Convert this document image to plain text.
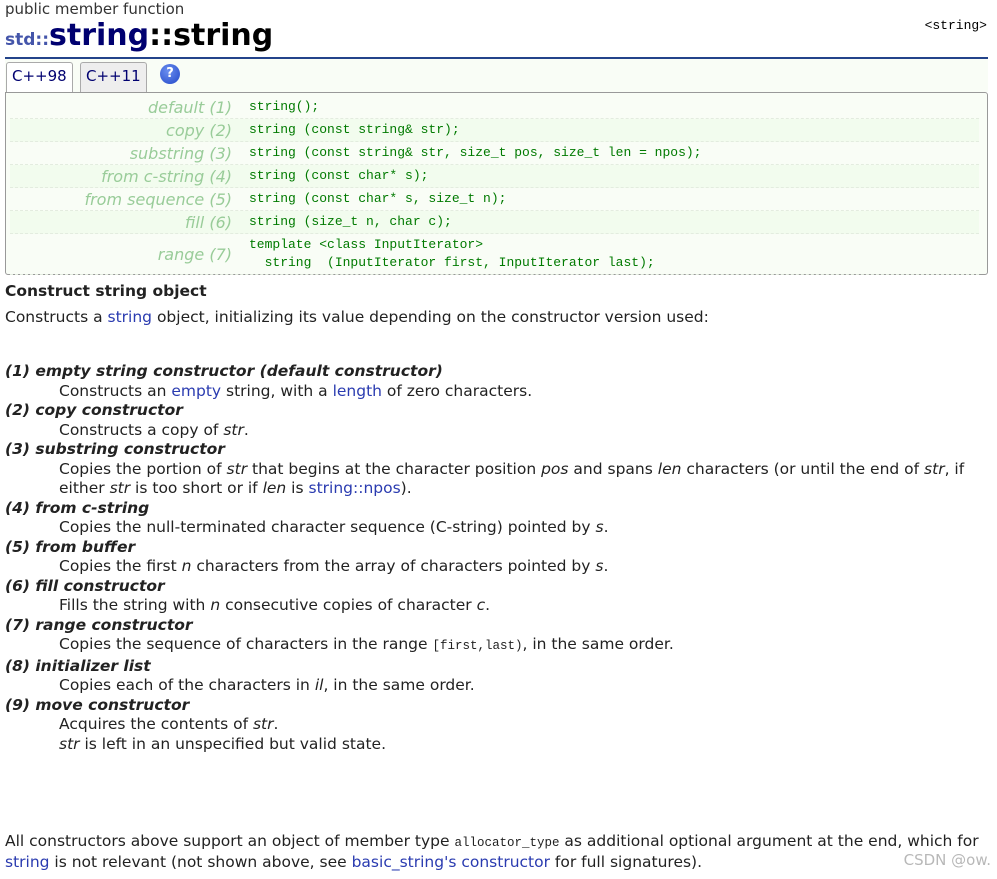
public member function
std::string::string	<string>
C++98	C++11	?
default (1)	string();
copy (2)	string (const string& str);
substring (3)	string (const string& str, size_t pos, size_t len = npos);
from c-string (4)	string (const char* s);
from sequence (5)	string (const char* s, size_t n);
fill (6)	string (size_t n, char c);
range (7)	template <class InputIterator>
string  (InputIterator first, InputIterator last);
Construct string object
Constructs a string object, initializing its value depending on the constructor version used:
(1) empty string constructor (default constructor)
Constructs an empty string, with a length of zero characters.
(2) copy constructor
Constructs a copy of str.
(3) substring constructor
Copies the portion of str that begins at the character position pos and spans len characters (or until the end of str, if either str is too short or if len is string::npos).
(4) from c-string
Copies the null-terminated character sequence (C-string) pointed by s.
(5) from buffer
Copies the first n characters from the array of characters pointed by s.
(6) fill constructor
Fills the string with n consecutive copies of character c.
(7) range constructor
Copies the sequence of characters in the range [first,last), in the same order.
(8) initializer list
Copies each of the characters in il, in the same order.
(9) move constructor
Acquires the contents of str.
str is left in an unspecified but valid state.
All constructors above support an object of member type allocator_type as additional optional argument at the end, which for string is not relevant (not shown above, see basic_string's constructor for full signatures).	CSDN @ow.
